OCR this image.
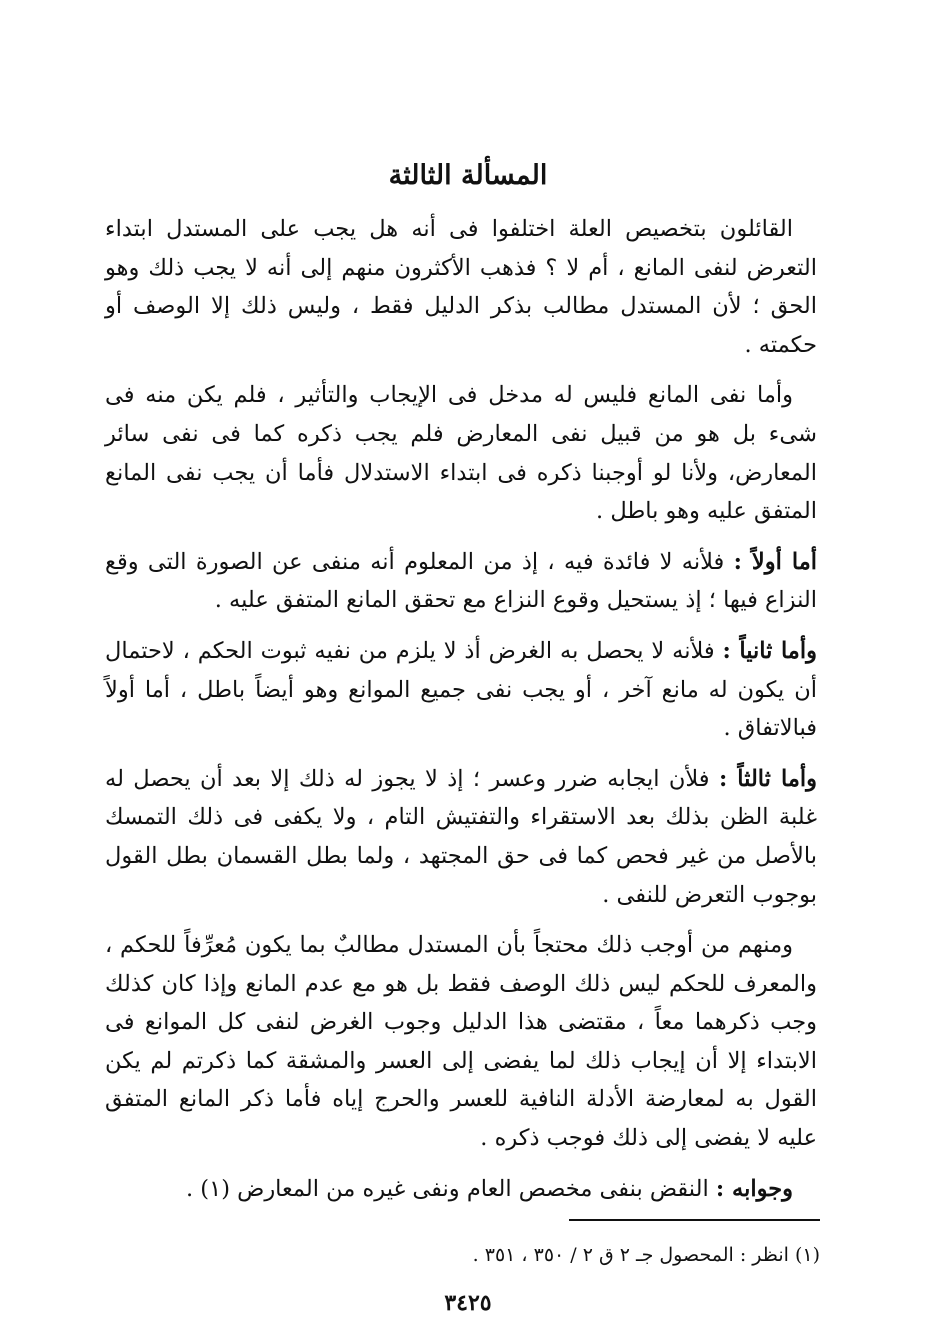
المسألة الثالثة

القائلون بتخصيص العلة اختلفوا فى أنه هل يجب على المستدل ابتداء التعرض لنفى المانع ، أم لا ؟ فذهب الأكثرون منهم إلى أنه لا يجب ذلك وهو الحق ؛ لأن المستدل مطالب بذكر الدليل فقط ، وليس ذلك إلا الوصف أو حكمته .

وأما نفى المانع فليس له مدخل فى الإيجاب والتأثير ، فلم يكن منه فى شىء بل هو من قبيل نفى المعارض فلم يجب ذكره كما فى نفى سائر المعارض، ولأنا لو أوجبنا ذكره فى ابتداء الاستدلال فأما أن يجب نفى المانع المتفق عليه وهو باطل .

أما أولاً : فلأنه لا فائدة فيه ، إذ من المعلوم أنه منفى عن الصورة التى وقع النزاع فيها ؛ إذ يستحيل وقوع النزاع مع تحقق المانع المتفق عليه .

وأما ثانياً : فلأنه لا يحصل به الغرض أذ لا يلزم من نفيه ثبوت الحكم ، لاحتمال أن يكون له مانع آخر ، أو يجب نفى جميع الموانع وهو أيضاً باطل ، أما أولاً فبالاتفاق .

وأما ثالثاً : فلأن ايجابه ضرر وعسر ؛ إذ لا يجوز له ذلك إلا بعد أن يحصل له غلبة الظن بذلك بعد الاستقراء والتفتيش التام ، ولا يكفى فى ذلك التمسك بالأصل من غير فحص كما فى حق المجتهد ، ولما بطل القسمان بطل القول بوجوب التعرض للنفى .

ومنهم من أوجب ذلك محتجاً بأن المستدل مطالبٌ بما يكون مُعرِّفاً للحكم ، والمعرف للحكم ليس ذلك الوصف فقط بل هو مع عدم المانع وإذا كان كذلك وجب ذكرهما معاً ، مقتضى هذا الدليل وجوب الغرض لنفى كل الموانع فى الابتداء إلا أن إيجاب ذلك لما يفضى إلى العسر والمشقة كما ذكرتم لم يكن القول به لمعارضة الأدلة النافية للعسر والحرج إياه فأما ذكر المانع المتفق عليه لا يفضى إلى ذلك فوجب ذكره .

وجوابه : النقض بنفى مخصص العام ونفى غيره من المعارض (١) .

(١) انظر : المحصول جـ ٢ ق ٢ / ٣٥٠ ، ٣٥١ .
٣٤٢٥
